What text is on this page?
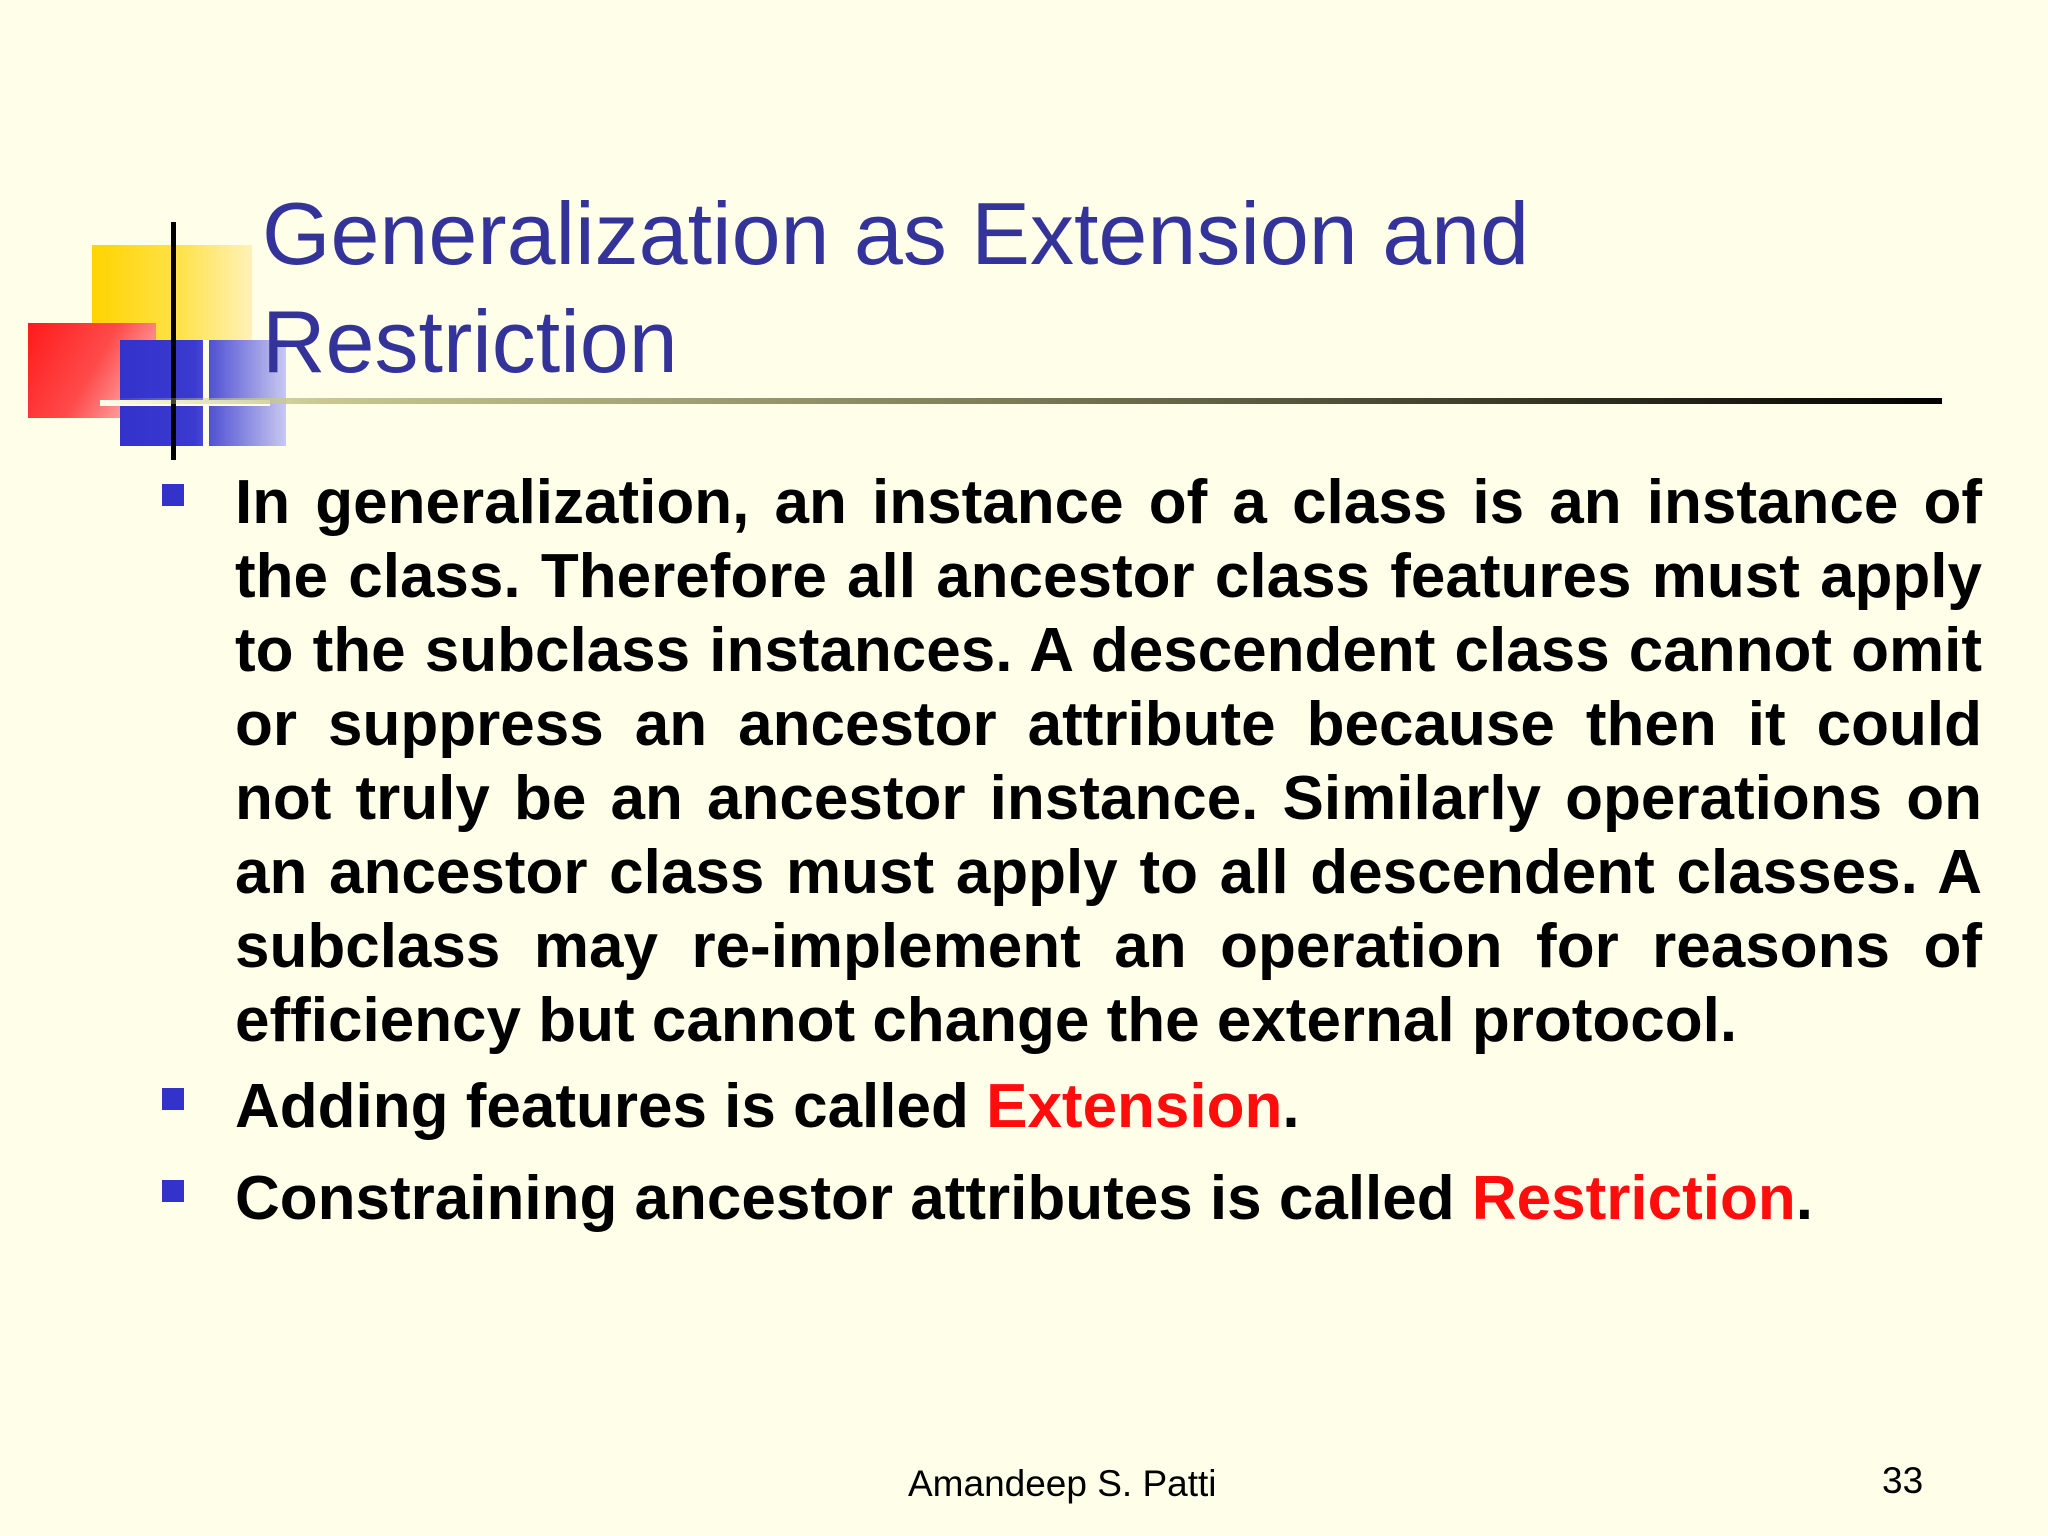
Generalization as Extension and Restriction
In generalization, an instance of a class is an instance of the class. Therefore all ancestor class features must apply to the subclass instances. A descendent class cannot omit or suppress an ancestor attribute because then it could not truly be an ancestor instance. Similarly operations on an ancestor class must apply to all descendent classes. A subclass may re-implement an operation for reasons of efficiency but cannot change the external protocol.
Adding features is called Extension.
Constraining ancestor attributes is called Restriction.
Amandeep S. Patti	33
